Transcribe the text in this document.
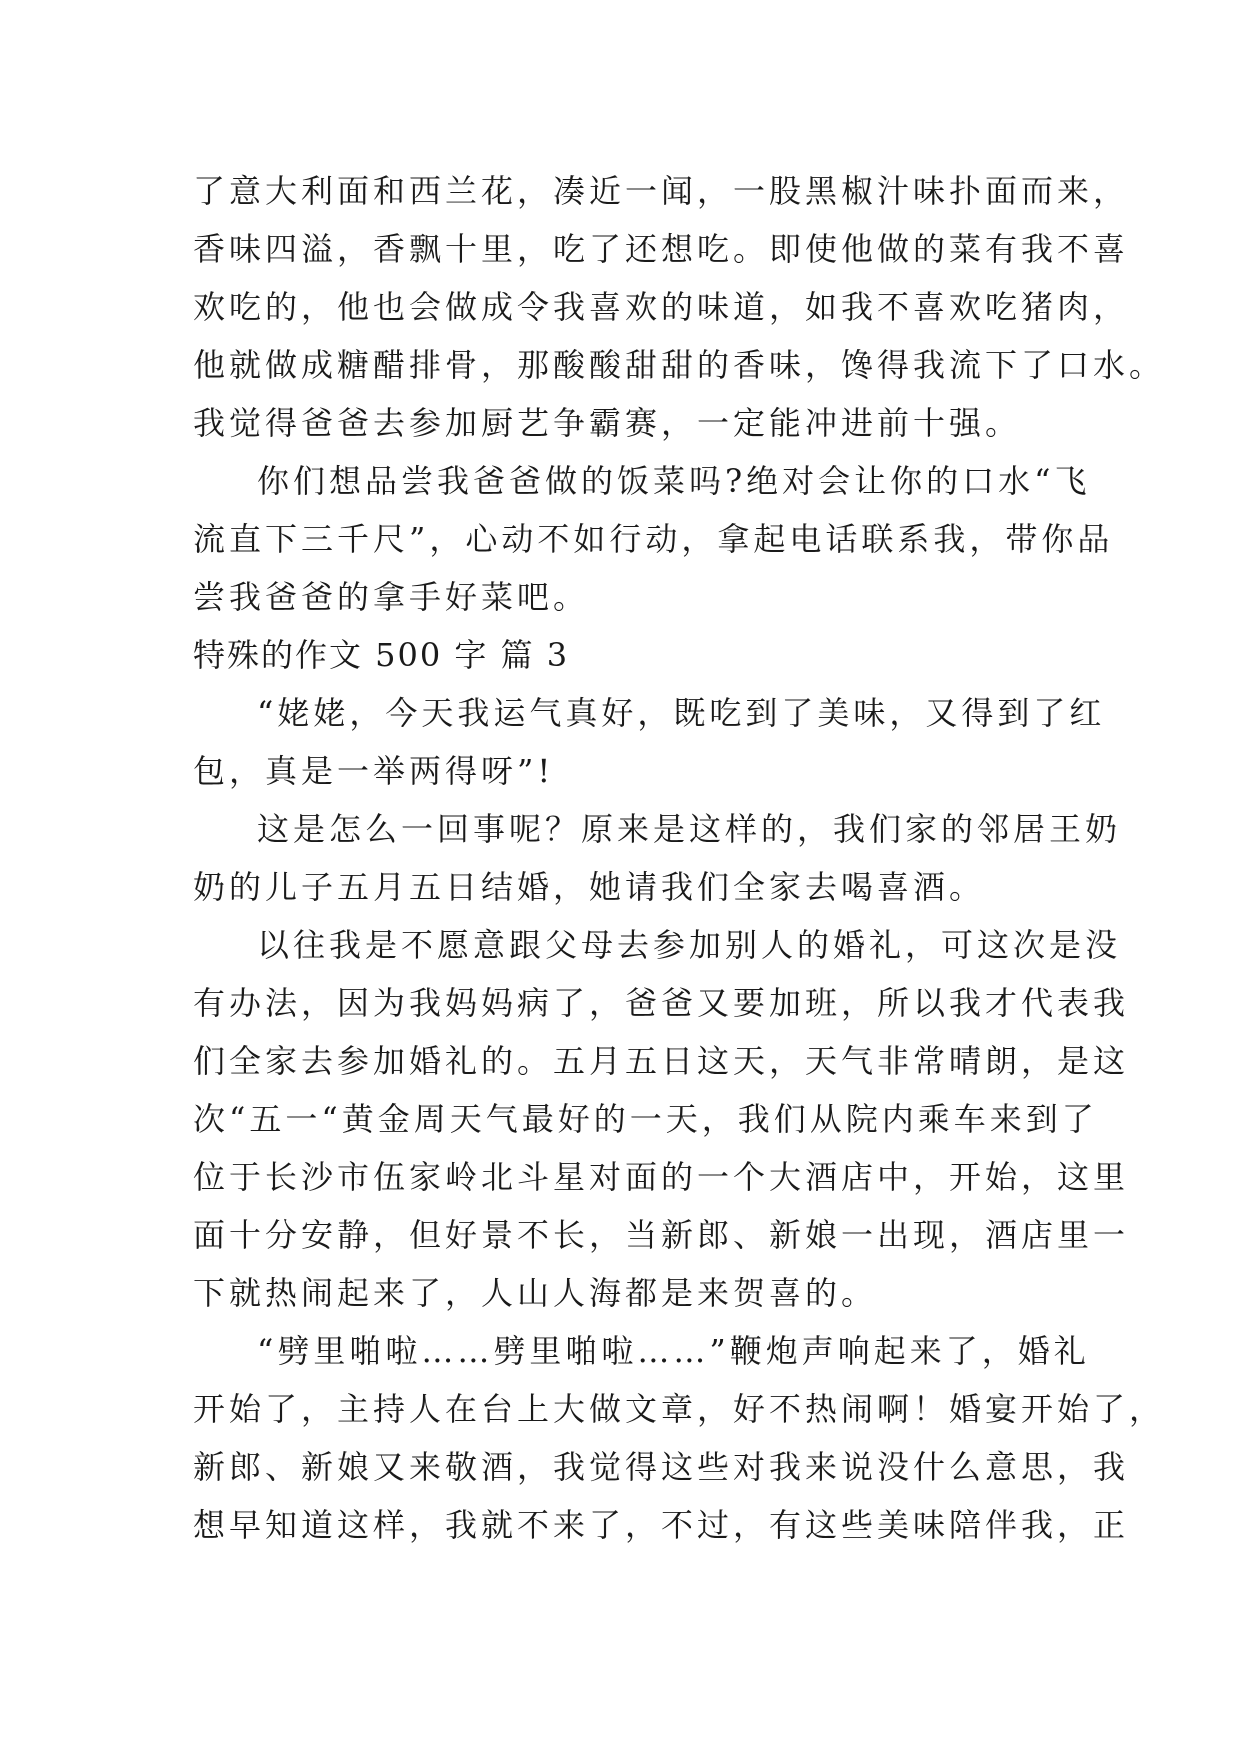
了意大利面和西兰花，凑近一闻，一股黑椒汁味扑面而来，
香味四溢，香飘十里，吃了还想吃。即使他做的菜有我不喜
欢吃的，他也会做成令我喜欢的味道，如我不喜欢吃猪肉，
他就做成糖醋排骨，那酸酸甜甜的香味，馋得我流下了口水。
我觉得爸爸去参加厨艺争霸赛，一定能冲进前十强。
你们想品尝我爸爸做的饭菜吗?绝对会让你的口水“飞
流直下三千尺”，心动不如行动，拿起电话联系我，带你品
尝我爸爸的拿手好菜吧。
特殊的作文 500 字 篇 3
“姥姥，今天我运气真好，既吃到了美味，又得到了红
包，真是一举两得呀”!
这是怎么一回事呢？原来是这样的，我们家的邻居王奶
奶的儿子五月五日结婚，她请我们全家去喝喜酒。
以往我是不愿意跟父母去参加别人的婚礼，可这次是没
有办法，因为我妈妈病了，爸爸又要加班，所以我才代表我
们全家去参加婚礼的。五月五日这天，天气非常晴朗，是这
次“五一“黄金周天气最好的一天，我们从院内乘车来到了
位于长沙市伍家岭北斗星对面的一个大酒店中，开始，这里
面十分安静，但好景不长，当新郎、新娘一出现，酒店里一
下就热闹起来了，人山人海都是来贺喜的。
“劈里啪啦……劈里啪啦……”鞭炮声响起来了，婚礼
开始了，主持人在台上大做文章，好不热闹啊！婚宴开始了，
新郎、新娘又来敬酒，我觉得这些对我来说没什么意思，我
想早知道这样，我就不来了，不过，有这些美味陪伴我，正
